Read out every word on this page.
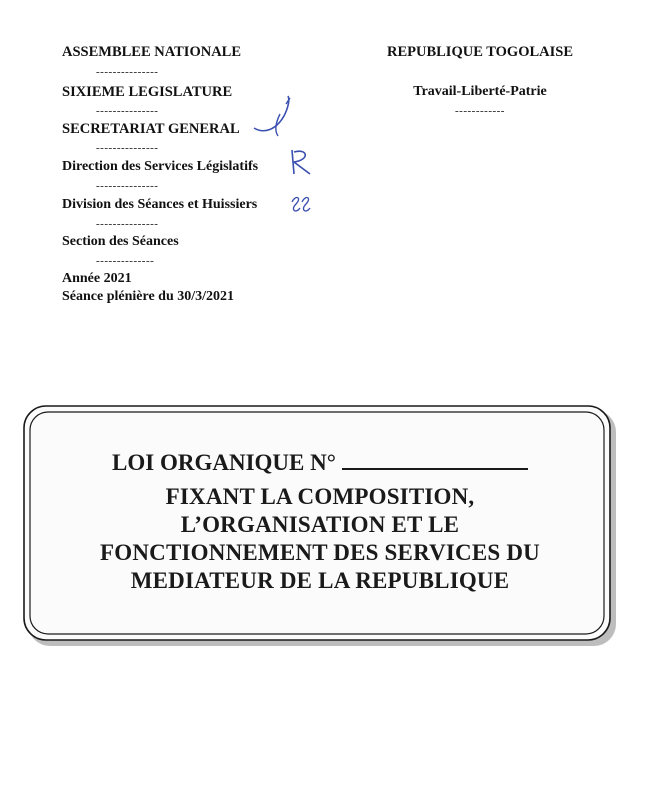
ASSEMBLEE NATIONALE
---------------
SIXIEME LEGISLATURE
---------------
SECRETARIAT GENERAL
---------------
Direction des Services Législatifs
---------------
Division des Séances et Huissiers
---------------
Section des Séances
--------------
Année 2021
Séance plénière du 30/3/2021
REPUBLIQUE TOGOLAISE
Travail-Liberté-Patrie
------------
LOI ORGANIQUE N°
FIXANT LA COMPOSITION,
L’ORGANISATION ET LE
FONCTIONNEMENT DES SERVICES DU
MEDIATEUR DE LA REPUBLIQUE
